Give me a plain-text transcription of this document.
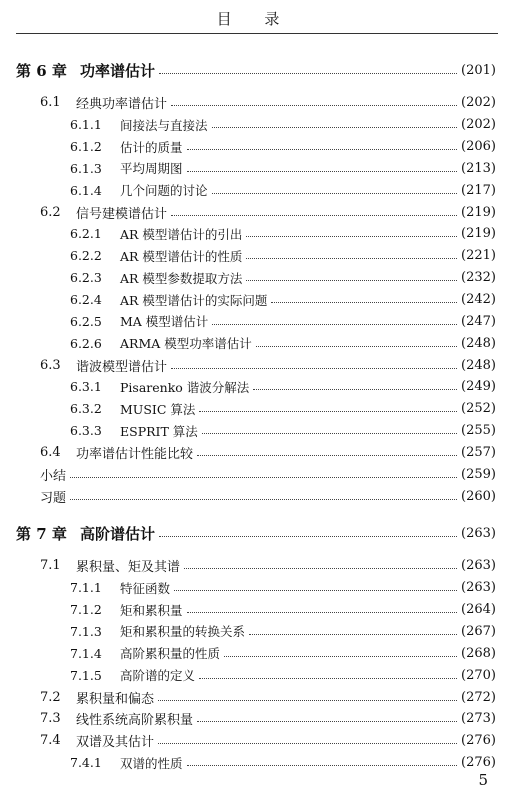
目 录
第 6 章 功率谱估计	(201)
6.1	经典功率谱估计	(202)
6.1.1	间接法与直接法	(202)
6.1.2	估计的质量	(206)
6.1.3	平均周期图	(213)
6.1.4	几个问题的讨论	(217)
6.2	信号建模谱估计	(219)
6.2.1	AR 模型谱估计的引出	(219)
6.2.2	AR 模型谱估计的性质	(221)
6.2.3	AR 模型参数提取方法	(232)
6.2.4	AR 模型谱估计的实际问题	(242)
6.2.5	MA 模型谱估计	(247)
6.2.6	ARMA 模型功率谱估计	(248)
6.3	谐波模型谱估计	(248)
6.3.1	Pisarenko 谐波分解法	(249)
6.3.2	MUSIC 算法	(252)
6.3.3	ESPRIT 算法	(255)
6.4	功率谱估计性能比较	(257)
小结	(259)
习题	(260)
第 7 章 高阶谱估计	(263)
7.1	累积量、矩及其谱	(263)
7.1.1	特征函数	(263)
7.1.2	矩和累积量	(264)
7.1.3	矩和累积量的转换关系	(267)
7.1.4	高阶累积量的性质	(268)
7.1.5	高阶谱的定义	(270)
7.2	累积量和偏态	(272)
7.3	线性系统高阶累积量	(273)
7.4	双谱及其估计	(276)
7.4.1	双谱的性质	(276)
5
